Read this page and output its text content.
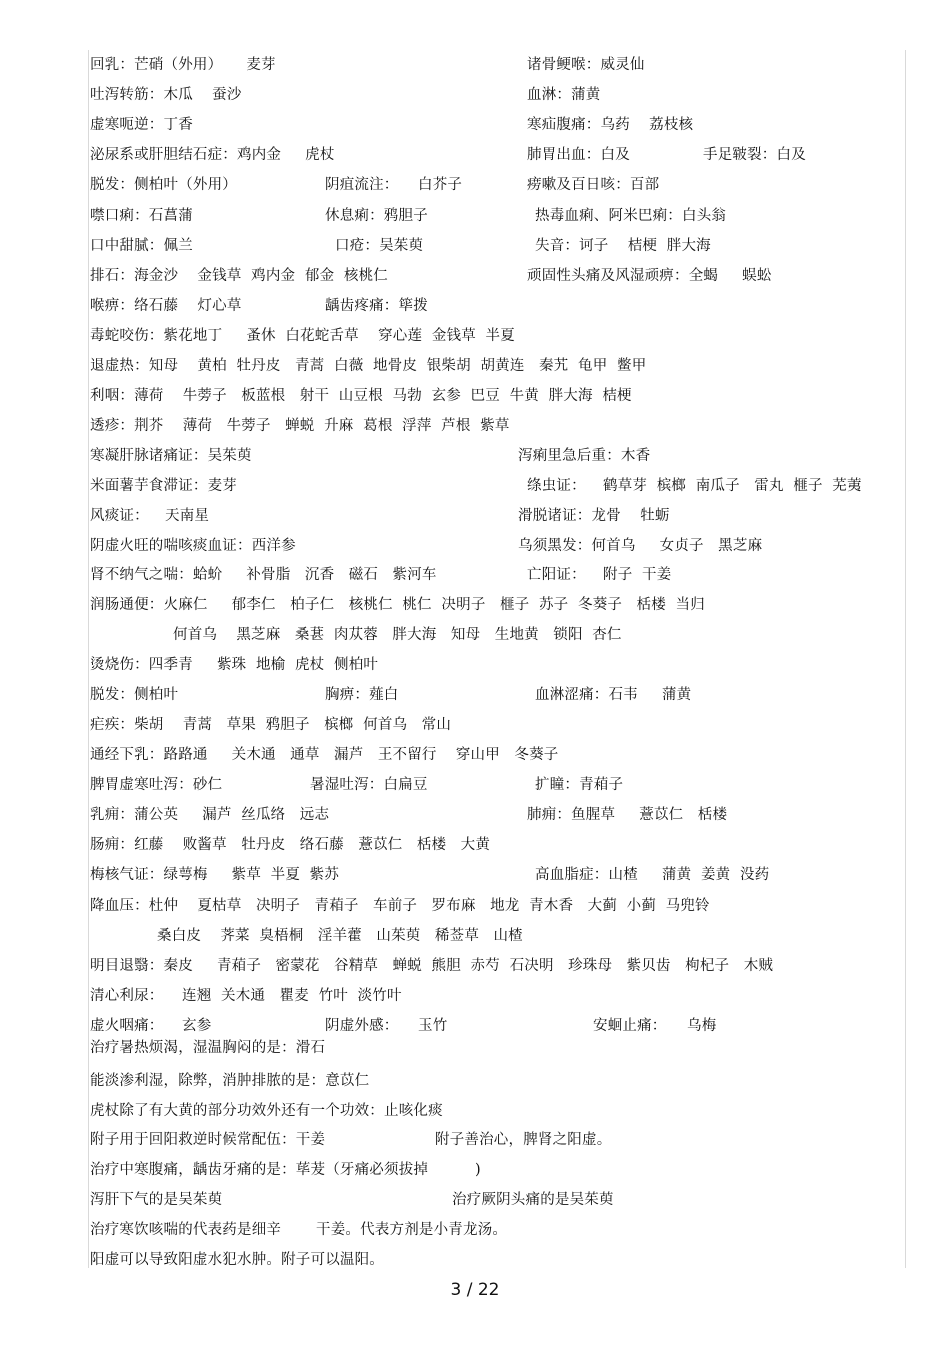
回乳：芒硝（外用）     麦芽	诸骨鲠喉：威灵仙
吐泻转筋：木瓜    蚕沙	血淋：蒲黄
虚寒呃逆：丁香	寒疝腹痛：乌药    荔枝核
泌尿系或肝胆结石症：鸡内金     虎杖	肺胃出血：白及	手足皲裂：白及
脱发：侧柏叶（外用）	阴疽流注： 白芥子	痨嗽及百日咳：百部
噤口痢：石菖蒲	休息痢：鸦胆子	热毒血痢、阿米巴痢：白头翁
口中甜腻：佩兰	口疮：吴茱萸	失音：诃子    桔梗  胖大海
排石：海金沙    金钱草  鸡内金  郁金  核桃仁	顽固性头痛及风湿顽痹：全蝎     蜈蚣
喉痹：络石藤    灯心草	龋齿疼痛：筚拨
毒蛇咬伤：紫花地丁     蚤休  白花蛇舌草    穿心莲  金钱草  半夏
退虚热：知母    黄柏  牡丹皮   青蒿  白薇  地骨皮  银柴胡  胡黄连   秦艽  龟甲  鳖甲
利咽：薄荷    牛蒡子   板蓝根   射干  山豆根  马勃  玄参  巴豆  牛黄  胖大海  桔梗
透疹：荆芥    薄荷   牛蒡子   蝉蜕  升麻  葛根  浮萍  芦根  紫草
寒凝肝脉诸痛证：吴茱萸	泻痢里急后重：木香
米面薯芋食滞证：麦芽	绦虫证： 鹤草芽  槟榔  南瓜子   雷丸  榧子  芜荑
风痰证： 天南星	滑脱诸证：龙骨    牡蛎
阴虚火旺的喘咳痰血证：西洋参	乌须黑发：何首乌     女贞子   黑芝麻
肾不纳气之喘：蛤蚧     补骨脂   沉香   磁石   紫河车	亡阳证： 附子  干姜
润肠通便：火麻仁     郁李仁   柏子仁   核桃仁  桃仁  决明子   榧子  苏子  冬葵子   栝楼  当归
何首乌    黑芝麻   桑葚  肉苁蓉   胖大海   知母   生地黄   锁阳  杏仁
烫烧伤：四季青     紫珠  地榆  虎杖  侧柏叶
脱发：侧柏叶	胸痹：薤白	血淋涩痛：石韦     蒲黄
疟疾：柴胡    青蒿   草果  鸦胆子   槟榔  何首乌   常山
通经下乳：路路通     关木通   通草   漏芦   王不留行    穿山甲   冬葵子
脾胃虚寒吐泻：砂仁	暑湿吐泻：白扁豆	扩瞳：青葙子
乳痈：蒲公英     漏芦  丝瓜络   远志	肺痈：鱼腥草     薏苡仁   栝楼
肠痈：红藤    败酱草   牡丹皮   络石藤   薏苡仁   栝楼   大黄
梅核气证：绿萼梅     紫草  半夏  紫苏	高血脂症：山楂     蒲黄  姜黄  没药
降血压：杜仲    夏枯草   决明子   青葙子   车前子   罗布麻   地龙  青木香   大蓟  小蓟  马兜铃
桑白皮    荠菜  臭梧桐   淫羊藿   山茱萸   稀莶草   山楂
明目退翳：秦皮     青葙子   密蒙花   谷精草   蝉蜕  熊胆  赤芍  石决明   珍珠母   紫贝齿   枸杞子   木贼
清心利尿： 连翘  关木通   瞿麦  竹叶  淡竹叶
虚火咽痛： 玄参	阴虚外感： 玉竹	安蛔止痛： 乌梅
治疗暑热烦渴，湿温胸闷的是：滑石
能淡渗利湿，除弊，消肿排脓的是：意苡仁
虎杖除了有大黄的部分功效外还有一个功效：止咳化痰
附子用于回阳救逆时候常配伍：干姜	附子善治心，脾肾之阳虚。
治疗中寒腹痛，龋齿牙痛的是：荜茇（牙痛必须拔掉	)
泻肝下气的是吴茱萸	治疗厥阴头痛的是吴茱萸
治疗寒饮咳喘的代表药是细辛 干姜。代表方剂是小青龙汤。
阳虚可以导致阳虚水犯水肿。附子可以温阳。
3 / 22
